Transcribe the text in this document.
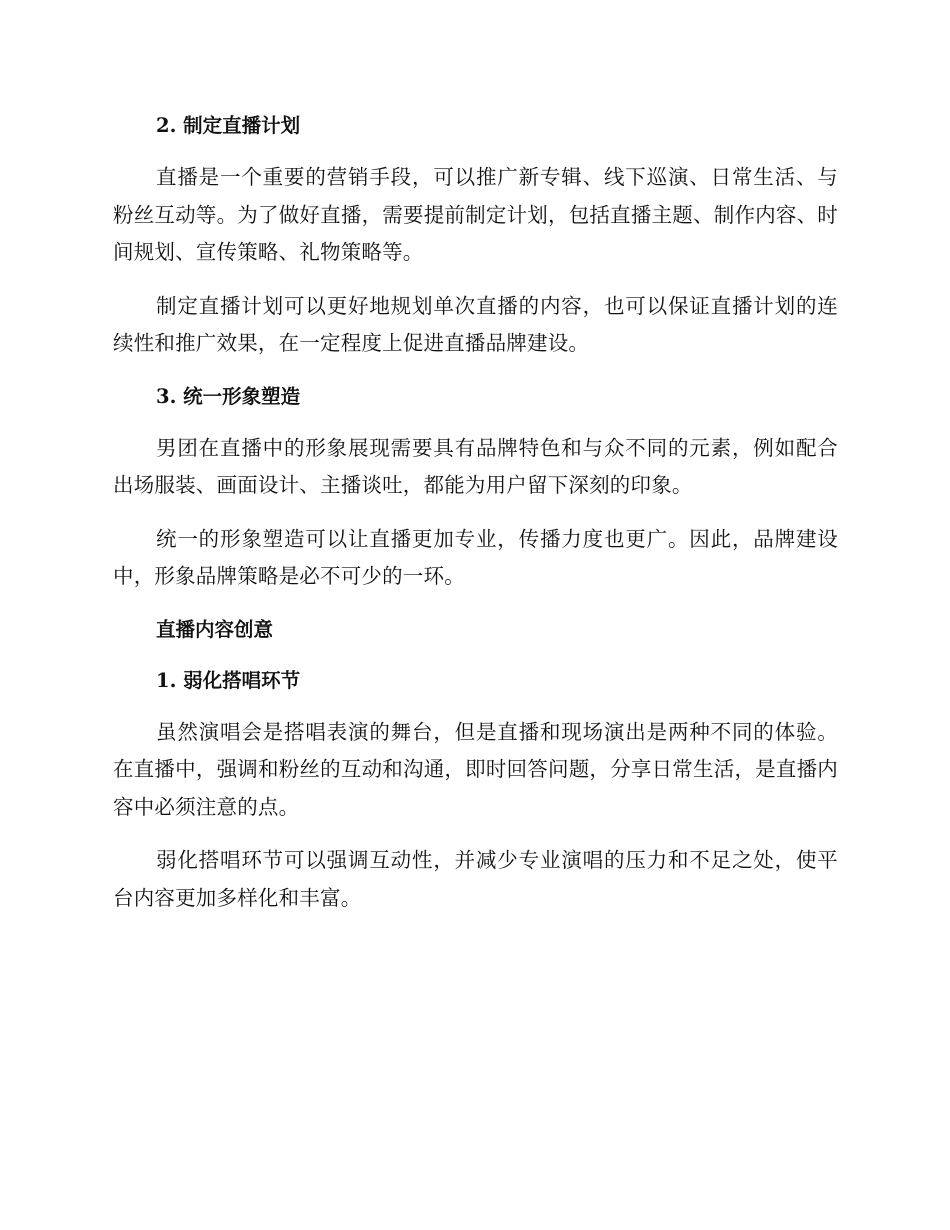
2. 制定直播计划

直播是一个重要的营销手段，可以推广新专辑、线下巡演、日常生活、与粉丝互动等。为了做好直播，需要提前制定计划，包括直播主题、制作内容、时间规划、宣传策略、礼物策略等。

制定直播计划可以更好地规划单次直播的内容，也可以保证直播计划的连续性和推广效果，在一定程度上促进直播品牌建设。

3. 统一形象塑造

男团在直播中的形象展现需要具有品牌特色和与众不同的元素，例如配合出场服装、画面设计、主播谈吐，都能为用户留下深刻的印象。

统一的形象塑造可以让直播更加专业，传播力度也更广。因此，品牌建设中，形象品牌策略是必不可少的一环。

直播内容创意
1. 弱化搭唱环节

虽然演唱会是搭唱表演的舞台，但是直播和现场演出是两种不同的体验。在直播中，强调和粉丝的互动和沟通，即时回答问题，分享日常生活，是直播内容中必须注意的点。

弱化搭唱环节可以强调互动性，并减少专业演唱的压力和不足之处，使平台内容更加多样化和丰富。
